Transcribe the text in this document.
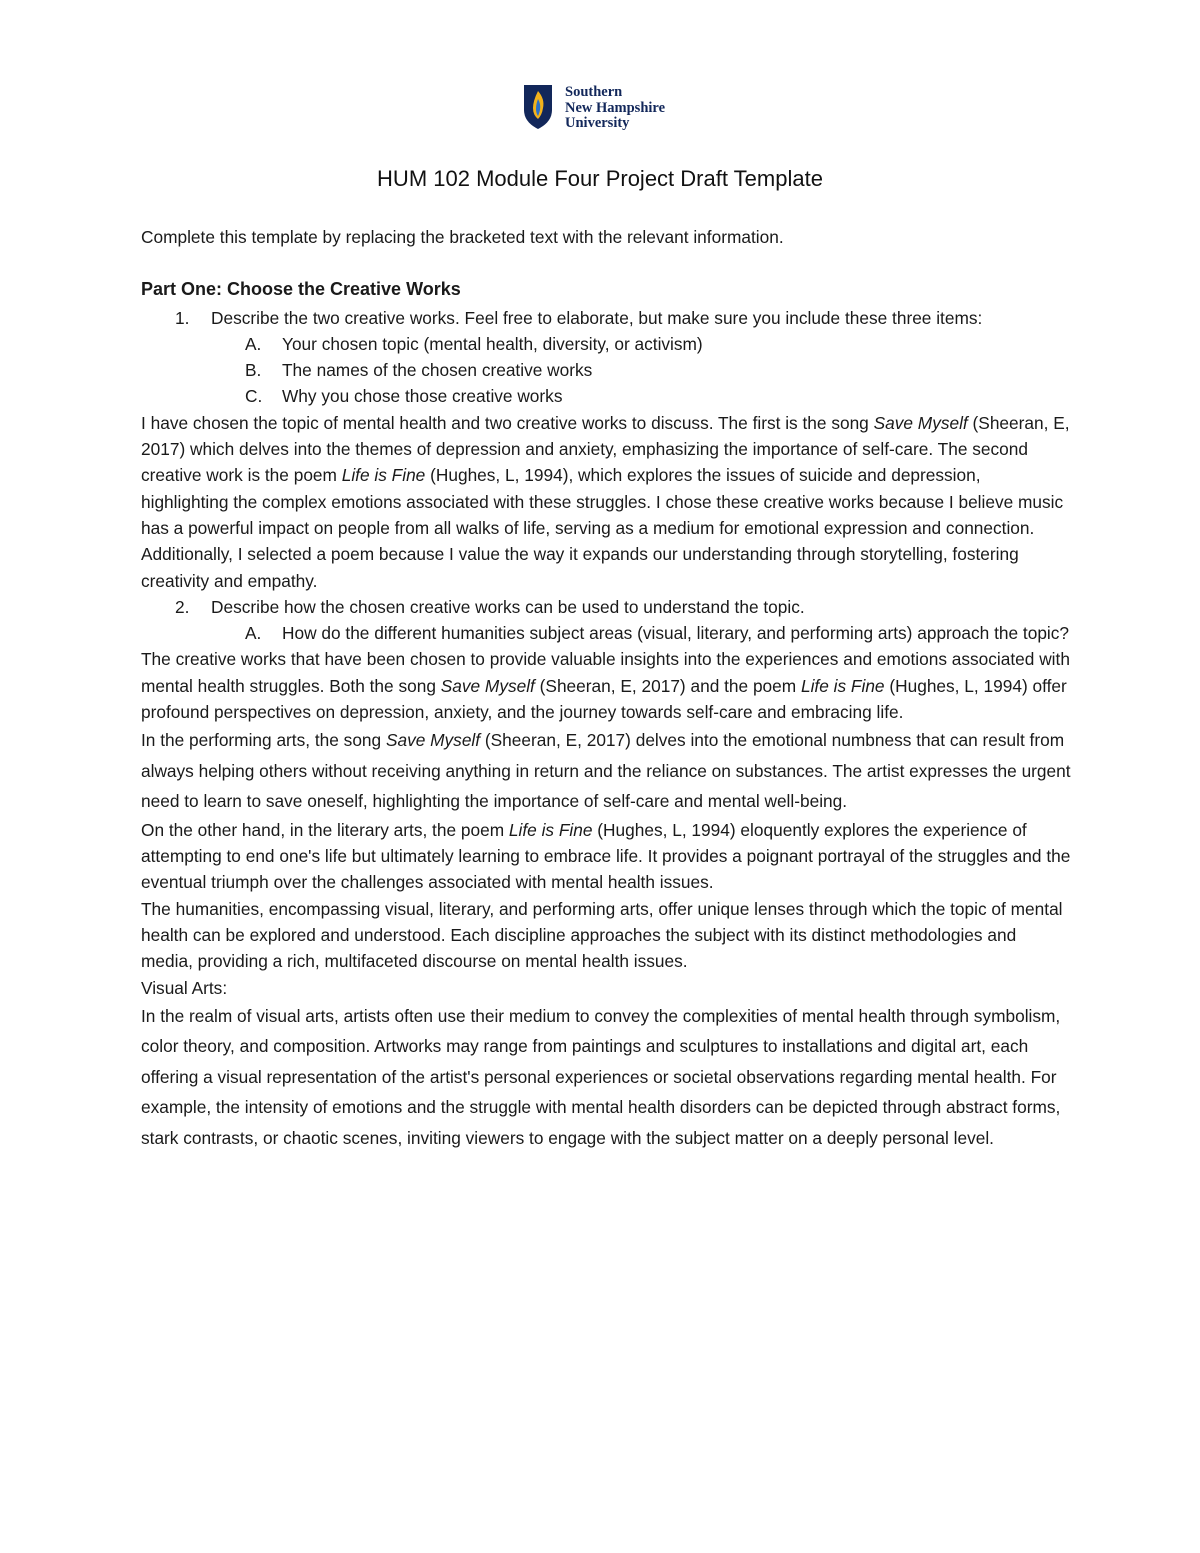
Southern
New Hampshire
University
HUM 102 Module Four Project Draft Template

Complete this template by replacing the bracketed text with the relevant information.

Part One: Choose the Creative Works

1. Describe the two creative works. Feel free to elaborate, but make sure you include these three items:
A. Your chosen topic (mental health, diversity, or activism)
B. The names of the chosen creative works
C. Why you chose those creative works

I have chosen the topic of mental health and two creative works to discuss. The first is the song Save Myself (Sheeran, E, 2017) which delves into the themes of depression and anxiety, emphasizing the importance of self-care. The second creative work is the poem Life is Fine (Hughes, L, 1994), which explores the issues of suicide and depression, highlighting the complex emotions associated with these struggles. I chose these creative works because I believe music has a powerful impact on people from all walks of life, serving as a medium for emotional expression and connection. Additionally, I selected a poem because I value the way it expands our understanding through storytelling, fostering creativity and empathy.

2. Describe how the chosen creative works can be used to understand the topic.
A. How do the different humanities subject areas (visual, literary, and performing arts) approach the topic?

The creative works that have been chosen to provide valuable insights into the experiences and emotions associated with mental health struggles. Both the song Save Myself (Sheeran, E, 2017) and the poem Life is Fine (Hughes, L, 1994) offer profound perspectives on depression, anxiety, and the journey towards self-care and embracing life.

In the performing arts, the song Save Myself (Sheeran, E, 2017) delves into the emotional numbness that can result from always helping others without receiving anything in return and the reliance on substances. The artist expresses the urgent need to learn to save oneself, highlighting the importance of self-care and mental well-being.

On the other hand, in the literary arts, the poem Life is Fine (Hughes, L, 1994) eloquently explores the experience of attempting to end one's life but ultimately learning to embrace life. It provides a poignant portrayal of the struggles and the eventual triumph over the challenges associated with mental health issues.

The humanities, encompassing visual, literary, and performing arts, offer unique lenses through which the topic of mental health can be explored and understood. Each discipline approaches the subject with its distinct methodologies and media, providing a rich, multifaceted discourse on mental health issues.

Visual Arts:

In the realm of visual arts, artists often use their medium to convey the complexities of mental health through symbolism, color theory, and composition. Artworks may range from paintings and sculptures to installations and digital art, each offering a visual representation of the artist's personal experiences or societal observations regarding mental health. For example, the intensity of emotions and the struggle with mental health disorders can be depicted through abstract forms, stark contrasts, or chaotic scenes, inviting viewers to engage with the subject matter on a deeply personal level.
